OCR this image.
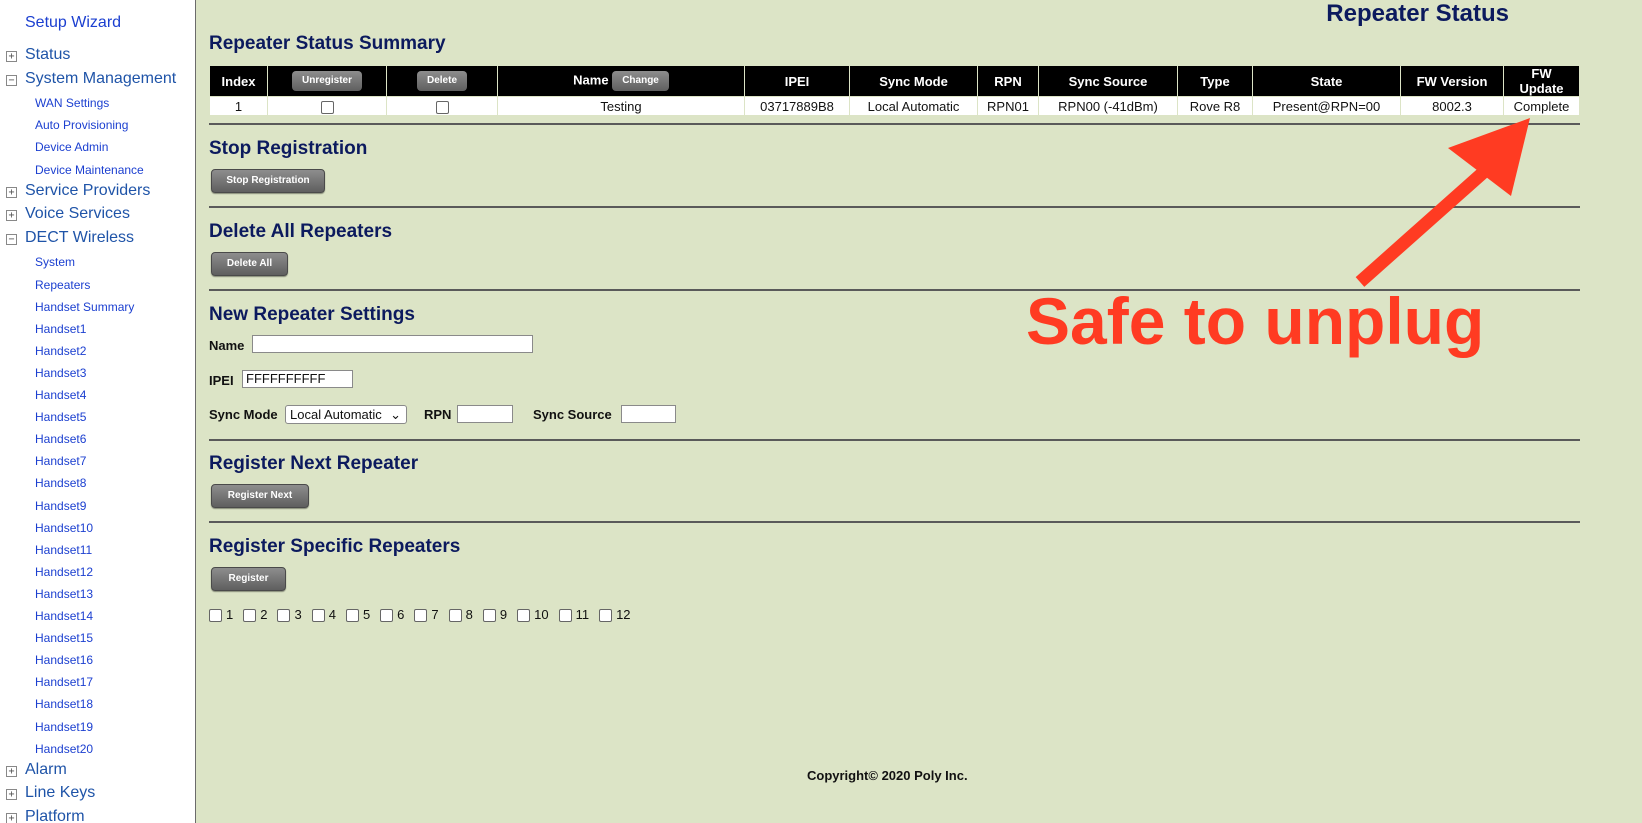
Setup Wizard
+ Status
− System Management
WAN Settings
Auto Provisioning
Device Admin
Device Maintenance
+ Service Providers
+ Voice Services
− DECT Wireless
System
Repeaters
Handset Summary
Handset1
Handset2
Handset3
Handset4
Handset5
Handset6
Handset7
Handset8
Handset9
Handset10
Handset11
Handset12
Handset13
Handset14
Handset15
Handset16
Handset17
Handset18
Handset19
Handset20
+ Alarm
+ Line Keys
+ Platform
Repeater Status
Repeater Status Summary
Index	Unregister	Delete	Name Change	IPEI	Sync Mode	RPN	Sync Source	Type	State	FW Version	FW Update
1			Testing	03717889B8	Local Automatic	RPN01	RPN00 (-41dBm)	Rove R8	Present@RPN=00	8002.3	Complete
Stop Registration
Stop Registration
Delete All Repeaters
Delete All
New Repeater Settings
Name
IPEI FFFFFFFFFF
Sync Mode Local Automatic ⌄ RPN	Sync Source
Register Next Repeater
Register Next
Register Specific Repeaters
Register
1 2 3 4 5 6 7 8 9 10 11 12
Safe to unplug
Copyright© 2020 Poly Inc.
